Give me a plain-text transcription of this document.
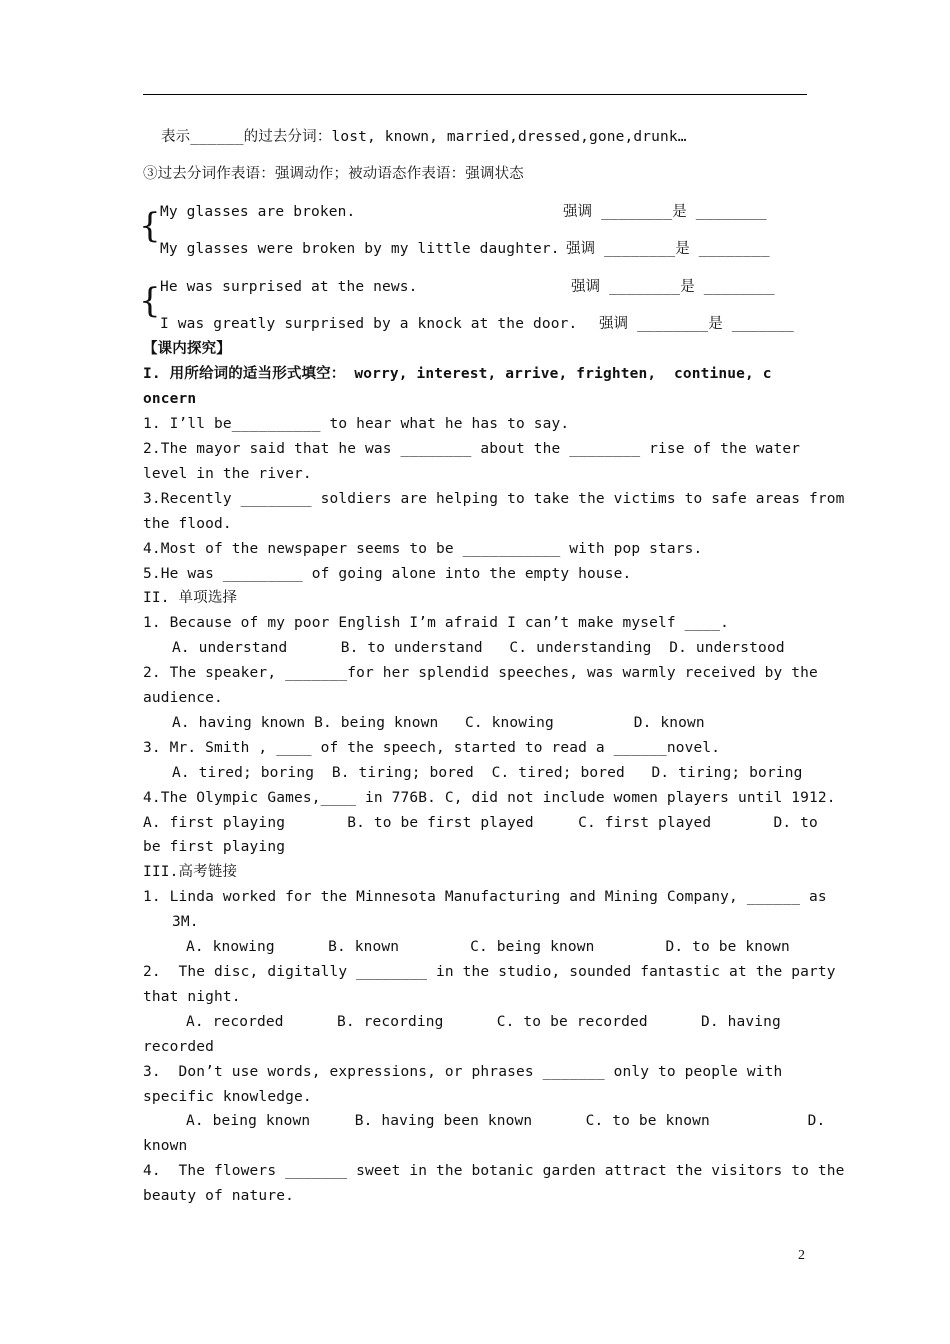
{
{
表示______的过去分词：lost, known, married,dressed,gone,drunk…
③过去分词作表语：强调动作；被动语态作表语：强调状态
My glasses are broken.	强调 ________是 ________
My glasses were broken by my little daughter. 强调 ________是 ________
He was surprised at the news.	强调 ________是 ________
I was greatly surprised by a knock at the door. 强调 ________是 _______
【课内探究】
I. 用所给词的适当形式填空： worry, interest, arrive, frighten,  continue, c
oncern
1. I’ll be__________ to hear what he has to say.
2.The mayor said that he was ________ about the ________ rise of the water
level in the river.
3.Recently ________ soldiers are helping to take the victims to safe areas from
the flood.
4.Most of the newspaper seems to be ___________ with pop stars.
5.He was _________ of going alone into the empty house.
II. 单项选择
1. Because of my poor English I’m afraid I can’t make myself ____.
A. understand      B. to understand   C. understanding  D. understood
2. The speaker, _______for her splendid speeches, was warmly received by the
audience.
A. having known B. being known   C. knowing         D. known
3. Mr. Smith , ____ of the speech, started to read a ______novel.
A. tired; boring  B. tiring; bored  C. tired; bored   D. tiring; boring
4.The Olympic Games,____ in 776B. C, did not include women players until 1912.
A. first playing       B. to be first played     C. first played       D. to
be first playing
III.高考链接
1. Linda worked for the Minnesota Manufacturing and Mining Company, ______ as
3M.
A. knowing      B. known        C. being known        D. to be known
2.  The disc, digitally ________ in the studio, sounded fantastic at the party
that night.
A. recorded      B. recording      C. to be recorded      D. having
recorded
3.  Don’t use words, expressions, or phrases _______ only to people with
specific knowledge.
A. being known     B. having been known      C. to be known           D.
known
4.  The flowers _______ sweet in the botanic garden attract the visitors to the
beauty of nature.
2
